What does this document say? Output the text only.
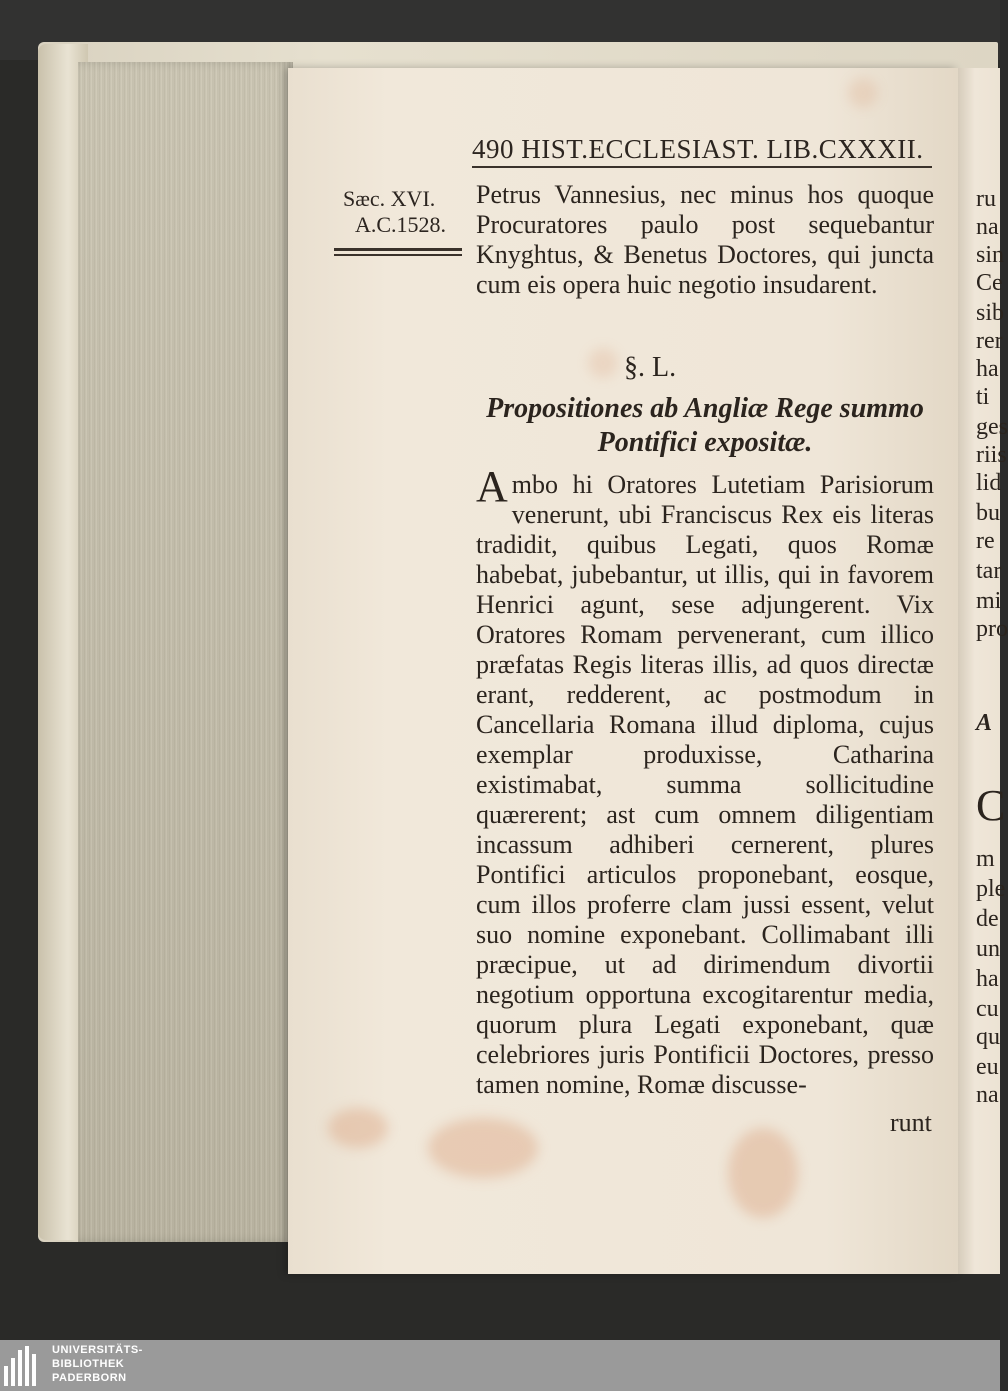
490 HIST.ECCLESIAST. LIB.CXXXII.
Sæc. XVI.
A.C.1528.

Petrus Vannesius, nec minus hos quoque Procuratores paulo post sequebantur Knyghtus, & Benetus Doctores, qui juncta cum eis opera huic negotio insudarent.

§. L.
Propositiones ab Angliæ Rege summo
Pontifici expositæ.

Ambo hi Oratores Lutetiam Parisiorum venerunt, ubi Franciscus Rex eis literas tradidit, quibus Legati, quos Romæ habebat, jubebantur, ut illis, qui in favorem Henrici agunt, sese adjungerent. Vix Oratores Romam pervenerant, cum illico præfatas Regis literas illis, ad quos directæ erant, redderent, ac postmodum in Cancellaria Romana illud diploma, cujus exemplar produxisse, Catharina existimabat, summa sollicitudine quærerent; ast cum omnem diligentiam incassum adhiberi cernerent, plures Pontifici articulos proponebant, eosque, cum illos proferre clam jussi essent, velut suo nomine exponebant. Collimabant illi præcipue, ut ad dirimendum divortii negotium opportuna excogitarentur media, quorum plura Legati exponebant, quæ celebriores juris Pontificii Doctores, presso tamen nomine, Romæ discusse-

runt
ru
na
sin
Ce
sib
rer
ha
ti
ges
riis
lid
bu
re
tar
mi
pro
A
C
m
ple
de
un
ha
cu
qu
eu
na
UNIVERSITÄTS-
BIBLIOTHEK
PADERBORN
